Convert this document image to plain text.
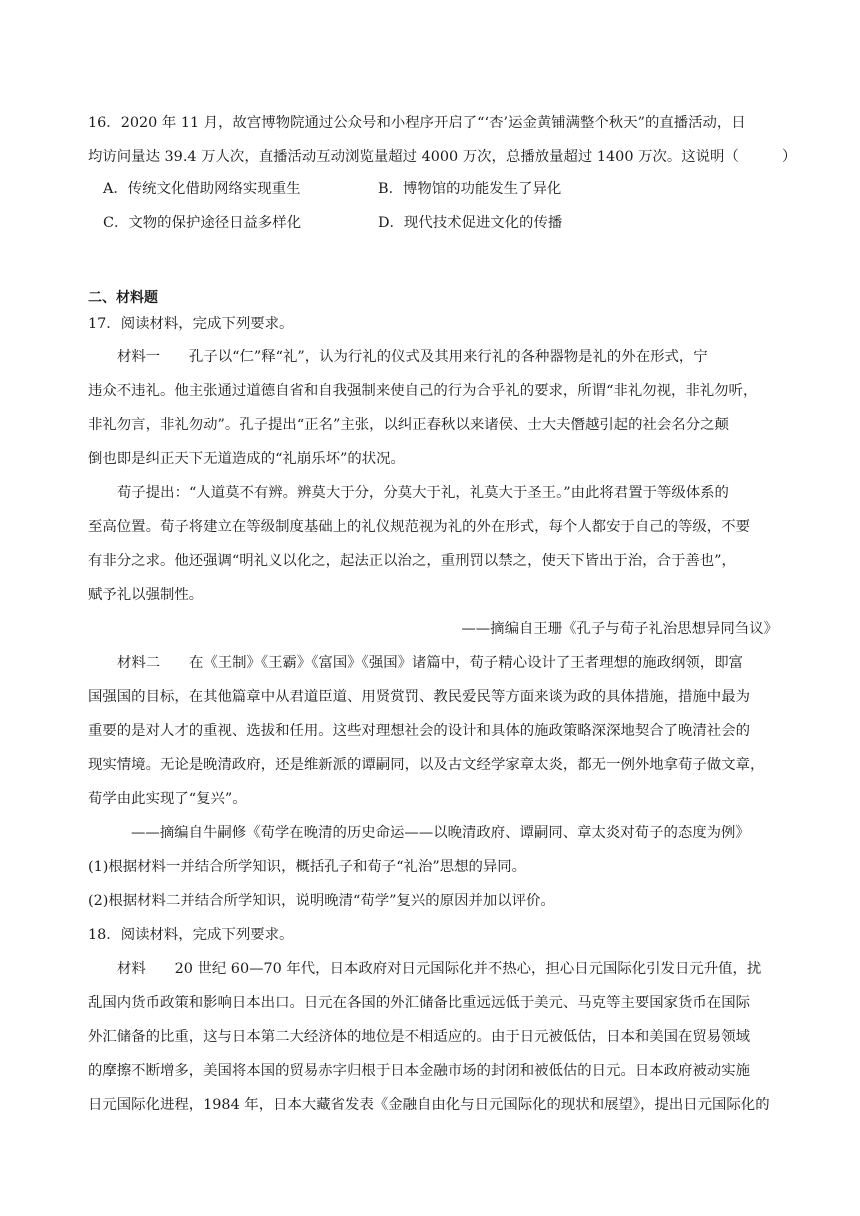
16．2020 年 11 月，故宫博物院通过公众号和小程序开启了“‘杏’运金黄铺满整个秋天”的直播活动，日
均访问量达 39.4 万人次，直播活动互动浏览量超过 4000 万次，总播放量超过 1400 万次。这说明（　　　）
A．传统文化借助网络实现重生	B．博物馆的功能发生了异化
C．文物的保护途径日益多样化	D．现代技术促进文化的传播
二、材料题
17．阅读材料，完成下列要求。
材料一　　孔子以“仁”释“礼”，认为行礼的仪式及其用来行礼的各种器物是礼的外在形式，宁
违众不违礼。他主张通过道德自省和自我强制来使自己的行为合乎礼的要求，所谓“非礼勿视，非礼勿听，
非礼勿言，非礼勿动”。孔子提出“正名”主张，以纠正春秋以来诸侯、士大夫僭越引起的社会名分之颠
倒也即是纠正天下无道造成的“礼崩乐坏”的状况。
荀子提出：“人道莫不有辨。辨莫大于分，分莫大于礼，礼莫大于圣王。”由此将君置于等级体系的
至高位置。荀子将建立在等级制度基础上的礼仪规范视为礼的外在形式，每个人都安于自己的等级，不要
有非分之求。他还强调“明礼义以化之，起法正以治之，重刑罚以禁之，使天下皆出于治，合于善也”，
赋予礼以强制性。
——摘编自王珊《孔子与荀子礼治思想异同刍议》
材料二　　在《王制》《王霸》《富国》《强国》诸篇中，荀子精心设计了王者理想的施政纲领，即富
国强国的目标，在其他篇章中从君道臣道、用贤赏罚、教民爱民等方面来谈为政的具体措施，措施中最为
重要的是对人才的重视、选拔和任用。这些对理想社会的设计和具体的施政策略深深地契合了晚清社会的
现实情境。无论是晚清政府，还是维新派的谭嗣同，以及古文经学家章太炎，都无一例外地拿荀子做文章，
荀学由此实现了“复兴”。
——摘编自牛嗣修《荀学在晚清的历史命运——以晚清政府、谭嗣同、章太炎对荀子的态度为例》
(1)根据材料一并结合所学知识，概括孔子和荀子“礼治”思想的异同。
(2)根据材料二并结合所学知识，说明晚清“荀学”复兴的原因并加以评价。
18．阅读材料，完成下列要求。
材料　　20 世纪 60—70 年代，日本政府对日元国际化并不热心，担心日元国际化引发日元升值，扰
乱国内货币政策和影响日本出口。日元在各国的外汇储备比重远远低于美元、马克等主要国家货币在国际
外汇储备的比重，这与日本第二大经济体的地位是不相适应的。由于日元被低估，日本和美国在贸易领域
的摩擦不断增多，美国将本国的贸易赤字归根于日本金融市场的封闭和被低估的日元。日本政府被动实施
日元国际化进程，1984 年，日本大藏省发表《金融自由化与日元国际化的现状和展望》，提出日元国际化的
